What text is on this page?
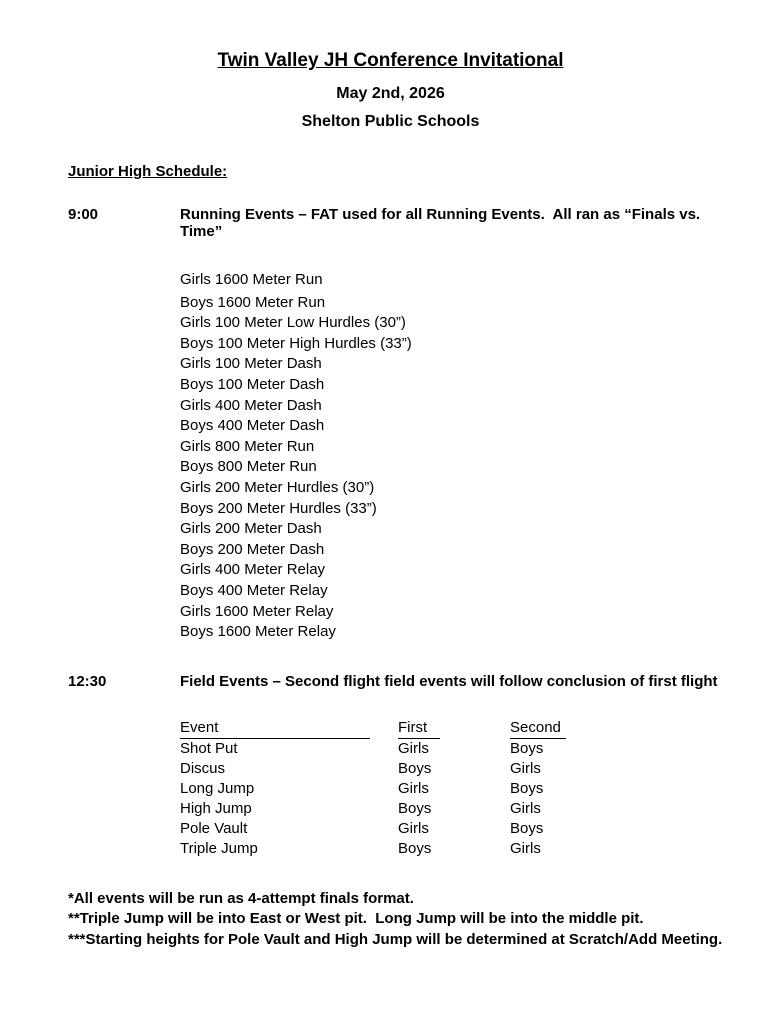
Twin Valley JH Conference Invitational
May 2nd, 2026
Shelton Public Schools
Junior High Schedule:
9:00	Running Events – FAT used for all Running Events.  All ran as “Finals vs. Time”
Girls 1600 Meter Run
Boys 1600 Meter Run
Girls 100 Meter Low Hurdles (30”)
Boys 100 Meter High Hurdles (33”)
Girls 100 Meter Dash
Boys 100 Meter Dash
Girls 400 Meter Dash
Boys 400 Meter Dash
Girls 800 Meter Run
Boys 800 Meter Run
Girls 200 Meter Hurdles (30”)
Boys 200 Meter Hurdles (33”)
Girls 200 Meter Dash
Boys 200 Meter Dash
Girls 400 Meter Relay
Boys 400 Meter Relay
Girls 1600 Meter Relay
Boys 1600 Meter Relay
12:30	Field Events – Second flight field events will follow conclusion of first flight
Event	First	Second
Shot Put	Girls	Boys
Discus	Boys	Girls
Long Jump	Girls	Boys
High Jump	Boys	Girls
Pole Vault	Girls	Boys
Triple Jump	Boys	Girls
*All events will be run as 4-attempt finals format.
**Triple Jump will be into East or West pit.  Long Jump will be into the middle pit.
***Starting heights for Pole Vault and High Jump will be determined at Scratch/Add Meeting.
